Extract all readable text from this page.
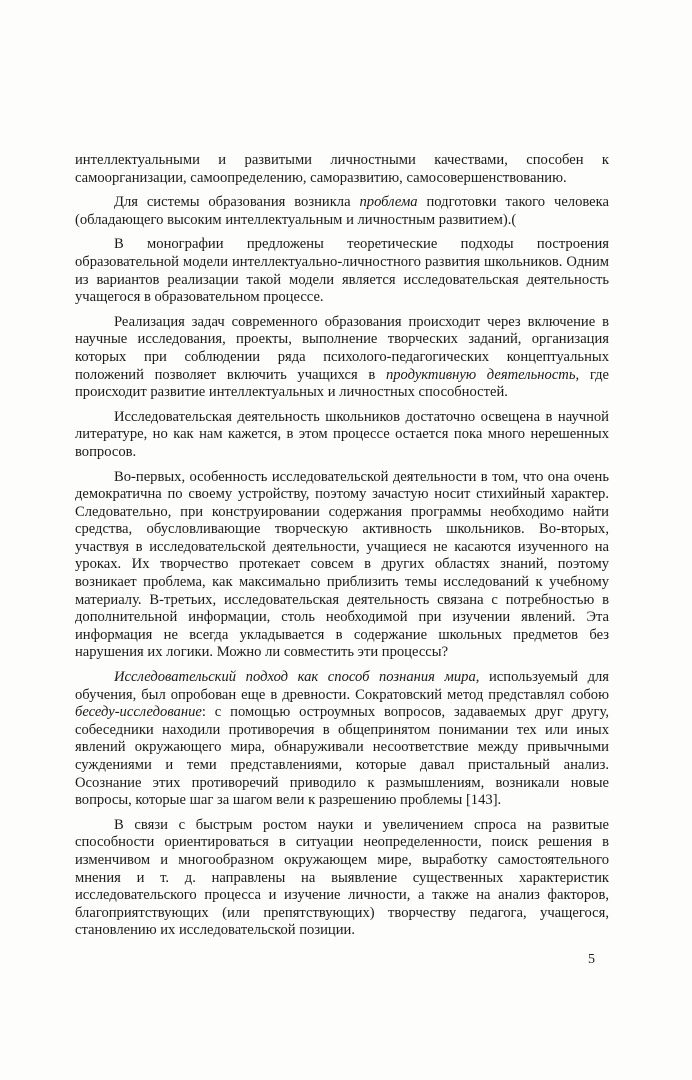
интеллектуальными и развитыми личностными качествами, способен к самоорганизации, самоопределению, саморазвитию, самосовершенствованию.

Для системы образования возникла проблема подготовки такого человека (обладающего высоким интеллектуальным и личностным развитием).(

В монографии предложены теоретические подходы построения образовательной модели интеллектуально-личностного развития школьников. Одним из вариантов реализации такой модели является исследовательская деятельность учащегося в образовательном процессе.

Реализация задач современного образования происходит через включение в научные исследования, проекты, выполнение творческих заданий, организация которых при соблюдении ряда психолого-педагогических концептуальных положений позволяет включить учащихся в продуктивную деятельность, где происходит развитие интеллектуальных и личностных способностей.

Исследовательская деятельность школьников достаточно освещена в научной литературе, но как нам кажется, в этом процессе остается пока много нерешенных вопросов.

Во-первых, особенность исследовательской деятельности в том, что она очень демократична по своему устройству, поэтому зачастую носит стихийный характер. Следовательно, при конструировании содержания программы необходимо найти средства, обусловливающие творческую активность школьников. Во-вторых, участвуя в исследовательской деятельности, учащиеся не касаются изученного на уроках. Их творчество протекает совсем в других областях знаний, поэтому возникает проблема, как максимально приблизить темы исследований к учебному материалу. В-третьих, исследовательская деятельность связана с потребностью в дополнительной информации, столь необходимой при изучении явлений. Эта информация не всегда укладывается в содержание школьных предметов без нарушения их логики. Можно ли совместить эти процессы?

Исследовательский подход как способ познания мира, используемый для обучения, был опробован еще в древности. Сократовский метод представлял собою беседу-исследование: с помощью остроумных вопросов, задаваемых друг другу, собеседники находили противоречия в общепринятом понимании тех или иных явлений окружающего мира, обнаруживали несоответствие между привычными суждениями и теми представлениями, которые давал пристальный анализ. Осознание этих противоречий приводило к размышлениям, возникали новые вопросы, которые шаг за шагом вели к разрешению проблемы [143].

В связи с быстрым ростом науки и увеличением спроса на развитые способности ориентироваться в ситуации неопределенности, поиск решения в изменчивом и многообразном окружающем мире, выработку самостоятельного мнения и т. д. направлены на выявление существенных характеристик исследовательского процесса и изучение личности, а также на анализ факторов, благоприятствующих (или препятствующих) творчеству педагога, учащегося, становлению их исследовательской позиции.

5
